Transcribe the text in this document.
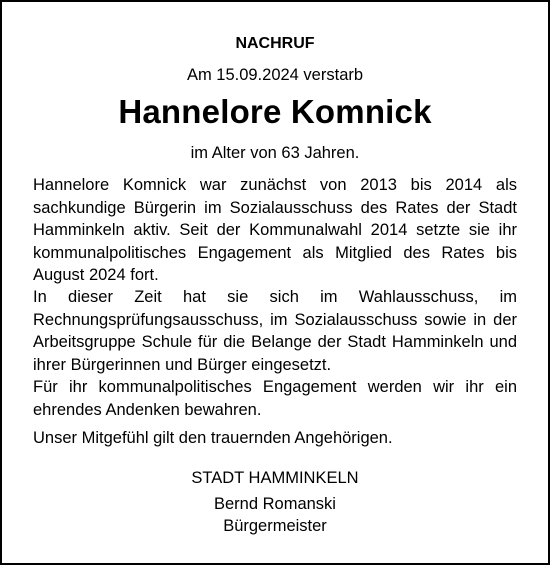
NACHRUF
Am 15.09.2024 verstarb
Hannelore Komnick
im Alter von 63 Jahren.

Hannelore Komnick war zunächst von 2013 bis 2014 als sachkundige Bürgerin im Sozialausschuss des Rates der Stadt Hamminkeln aktiv. Seit der Kommunalwahl 2014 setzte sie ihr kommunalpolitisches Engagement als Mitglied des Rates bis August 2024 fort.

In dieser Zeit hat sie sich im Wahlausschuss, im Rechnungsprüfungsausschuss, im Sozialausschuss sowie in der Arbeitsgruppe Schule für die Belange der Stadt Hamminkeln und ihrer Bürgerinnen und Bürger eingesetzt.

Für ihr kommunalpolitisches Engagement werden wir ihr ein ehrendes Andenken bewahren.

Unser Mitgefühl gilt den trauernden Angehörigen.

STADT HAMMINKELN
Bernd Romanski
Bürgermeister
